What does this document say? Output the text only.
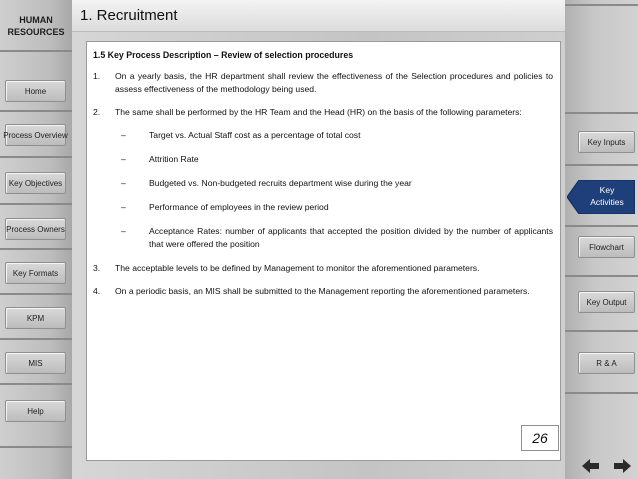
HUMAN
RESOURCES
Home
Process Overview
Key Objectives
Process Owners
Key Formats
KPM
MIS
Help
1. Recruitment
1.5 Key Process Description – Review of selection procedures
1.	On a yearly basis, the HR department shall review the effectiveness of the Selection procedures and policies to assess effectiveness of the methodology being used.
2.	The same shall be performed by the HR Team and the Head (HR) on the basis of the following parameters:
–	Target vs. Actual Staff cost as a percentage of total cost
–	Attrition Rate
–	Budgeted vs. Non-budgeted recruits department wise during the year
–	Performance of employees in the review period
–	Acceptance Rates: number of applicants that accepted the position divided by the number of applicants that were offered the position
3.	The acceptable levels to be defined by Management to monitor the aforementioned parameters.
4.	On a periodic basis, an MIS shall be submitted to the Management reporting the aforementioned parameters.
26
Key Inputs
Key
Activities
Flowchart
Key Output
R & A
